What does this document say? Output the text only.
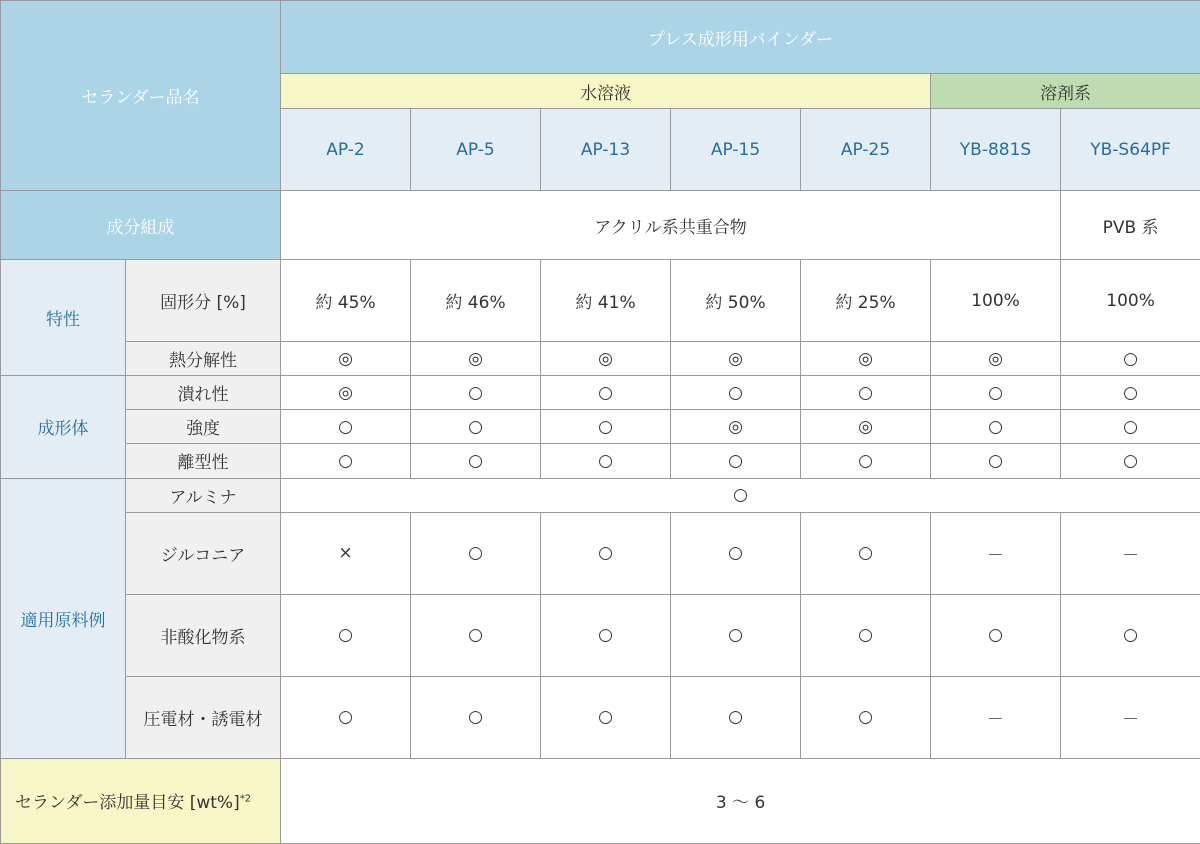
セランダー品名		プレス成形用バインダー						
		水溶液					溶剤系	
		AP-2	AP-5	AP-13	AP-15	AP-25	YB-881S	YB-S64PF
成分組成		アクリル系共重合物						PVB 系
特性	固形分 [%]	約 45%	約 46%	約 41%	約 50%	約 25%	100%	100%
	熱分解性	◎	◎	◎	◎	◎	◎	○
成形体	潰れ性	◎	○	○	○	○	○	○
	強度	○	○	○	◎	◎	○	○
	離型性	○	○	○	○	○	○	○
適用原料例	アルミナ	○						
	ジルコニア	×	○	○	○	○	－	－
	非酸化物系	○	○	○	○	○	○	○
	圧電材・誘電材	○	○	○	○	○	－	－
セランダー添加量目安 $[wt\%]^{*2}$		3 ～ 6						
